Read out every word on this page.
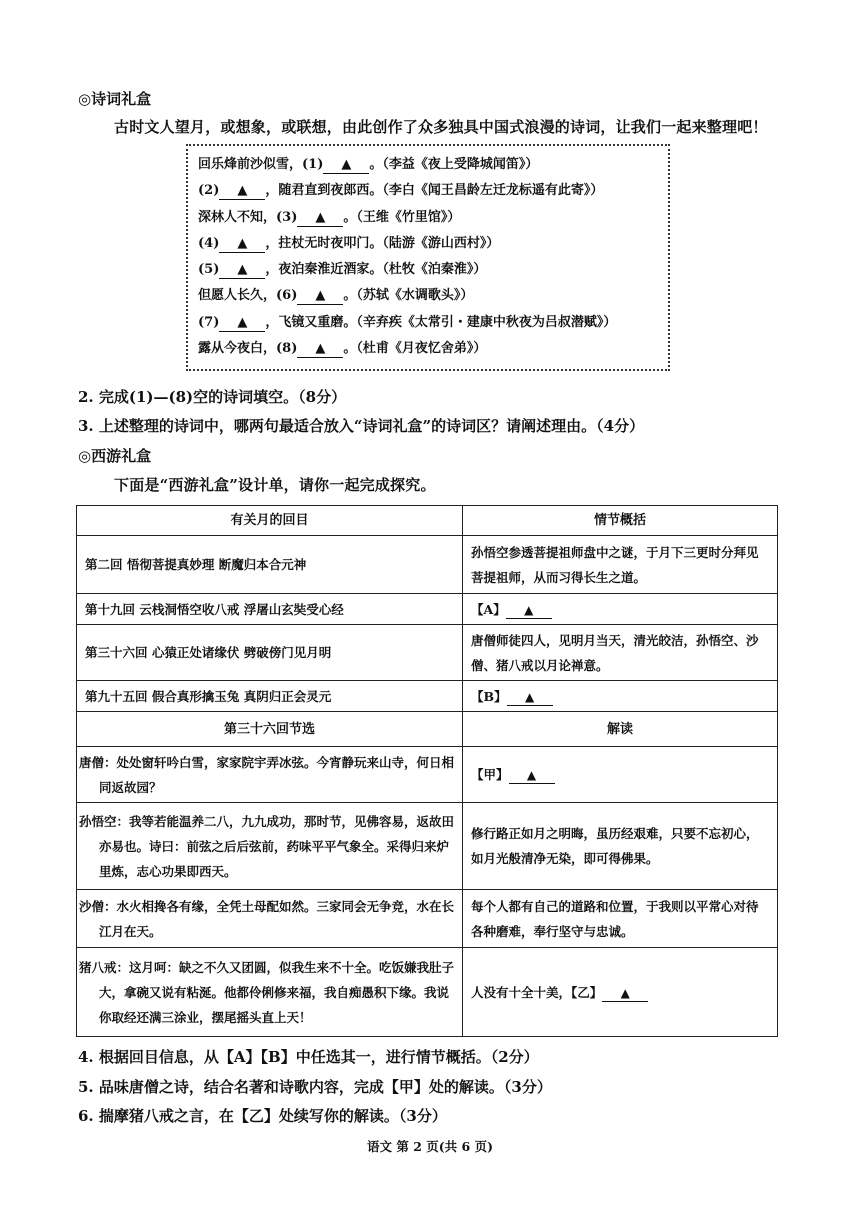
◎诗词礼盒
古时文人望月，或想象，或联想，由此创作了众多独具中国式浪漫的诗词，让我们一起来整理吧！
回乐烽前沙似雪，(1) ▲ 。（李益《夜上受降城闻笛》）
(2) ▲ ，随君直到夜郎西。（李白《闻王昌龄左迁龙标遥有此寄》）
深林人不知，(3) ▲ 。（王维《竹里馆》）
(4) ▲ ，拄杖无时夜叩门。（陆游《游山西村》）
(5) ▲ ，夜泊秦淮近酒家。（杜牧《泊秦淮》）
但愿人长久，(6) ▲ 。（苏轼《水调歌头》）
(7) ▲ ，飞镜又重磨。（辛弃疾《太常引・建康中秋夜为吕叔潜赋》）
露从今夜白，(8) ▲ 。（杜甫《月夜忆舍弟》）
2. 完成(1)—(8)空的诗词填空。（8分）
3. 上述整理的诗词中，哪两句最适合放入“诗词礼盒”的诗词区？请阐述理由。（4分）
◎西游礼盒
下面是“西游礼盒”设计单，请你一起完成探究。
有关月的回目	情节概括
第二回 悟彻菩提真妙理 断魔归本合元神	孙悟空参透菩提祖师盘中之谜，于月下三更时分拜见菩提祖师，从而习得长生之道。
第十九回 云栈洞悟空收八戒 浮屠山玄奘受心经	【A】 ▲
第三十六回 心猿正处诸缘伏 劈破傍门见月明	唐僧师徒四人，见明月当天，清光皎洁，孙悟空、沙僧、猪八戒以月论禅意。
第九十五回 假合真形擒玉兔 真阴归正会灵元	【B】 ▲
第三十六回节选	解读
唐僧：处处窗轩吟白雪，家家院宇弄冰弦。今宵静玩来山寺，何日相同返故园？	【甲】 ▲
孙悟空：我等若能温养二八，九九成功，那时节，见佛容易，返故田亦易也。诗曰：前弦之后后弦前，药味平平气象全。采得归来炉里炼，志心功果即西天。	修行路正如月之明晦，虽历经艰难，只要不忘初心，如月光般清净无染，即可得佛果。
沙僧：水火相搀各有缘，全凭土母配如然。三家同会无争竞，水在长江月在天。	每个人都有自己的道路和位置，于我则以平常心对待各种磨难，奉行坚守与忠诚。
猪八戒：这月呵：缺之不久又团圆，似我生来不十全。吃饭嫌我肚子大，拿碗又说有粘涎。他都伶俐修来福，我自痴愚积下缘。我说你取经还满三涂业，摆尾摇头直上天！	人没有十全十美，【乙】 ▲
4. 根据回目信息，从【A】【B】中任选其一，进行情节概括。（2分）
5. 品味唐僧之诗，结合名著和诗歌内容，完成【甲】处的解读。（3分）
6. 揣摩猪八戒之言，在【乙】处续写你的解读。（3分）
语文 第 2 页(共 6 页)
